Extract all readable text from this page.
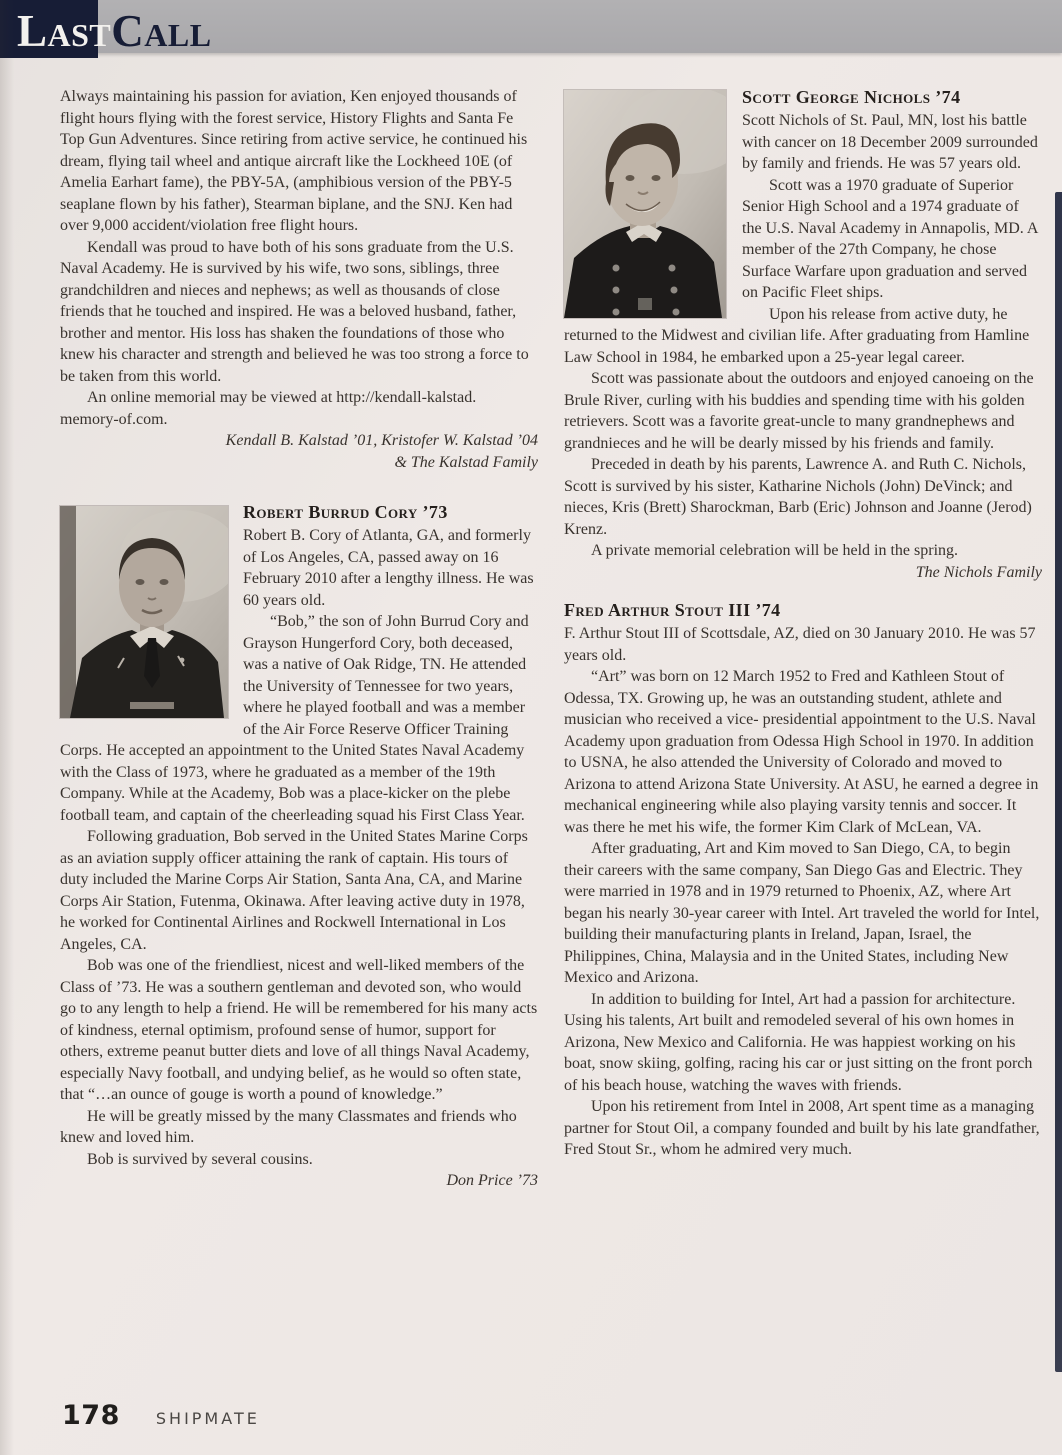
LastCall

Always maintaining his passion for aviation, Ken enjoyed thousands of flight hours flying with the forest service, History Flights and Santa Fe Top Gun Adventures. Since retiring from active service, he continued his dream, flying tail wheel and antique aircraft like the Lockheed 10E (of Amelia Earhart fame), the PBY-5A, (amphibious version of the PBY-5 seaplane flown by his father), Stearman biplane, and the SNJ. Ken had over 9,000 accident/violation free flight hours.

Kendall was proud to have both of his sons graduate from the U.S. Naval Academy. He is survived by his wife, two sons, siblings, three grandchildren and nieces and nephews; as well as thousands of close friends that he touched and inspired. He was a beloved husband, father, brother and mentor. His loss has shaken the foundations of those who knew his character and strength and believed he was too strong a force to be taken from this world.

An online memorial may be viewed at http://kendall-kalstad. memory-of.com.

Kendall B. Kalstad ’01, Kristofer W. Kalstad ’04

& The Kalstad Family

Robert Burrud Cory ’73

Robert B. Cory of Atlanta, GA, and formerly of Los Angeles, CA, passed away on 16 February 2010 after a lengthy illness. He was 60 years old.

“Bob,” the son of John Burrud Cory and Grayson Hungerford Cory, both deceased, was a native of Oak Ridge, TN. He attended the University of Tennessee for two years, where he played football and was a member of the Air Force Reserve Officer Training Corps. He accepted an appointment to the United States Naval Academy with the Class of 1973, where he graduated as a member of the 19th Company. While at the Academy, Bob was a place-kicker on the plebe football team, and captain of the cheerleading squad his First Class Year.

Following graduation, Bob served in the United States Marine Corps as an aviation supply officer attaining the rank of captain. His tours of duty included the Marine Corps Air Station, Santa Ana, CA, and Marine Corps Air Station, Futenma, Okinawa. After leaving active duty in 1978, he worked for Continental Airlines and Rockwell International in Los Angeles, CA.

Bob was one of the friendliest, nicest and well-liked members of the Class of ’73. He was a southern gentleman and devoted son, who would go to any length to help a friend. He will be remembered for his many acts of kindness, eternal optimism, profound sense of humor, support for others, extreme peanut butter diets and love of all things Naval Academy, especially Navy football, and undying belief, as he would so often state, that “…an ounce of gouge is worth a pound of knowledge.”

He will be greatly missed by the many Classmates and friends who knew and loved him.

Bob is survived by several cousins.

Don Price ’73

Scott George Nichols ’74

Scott Nichols of St. Paul, MN, lost his battle with cancer on 18 December 2009 surrounded by family and friends. He was 57 years old.

Scott was a 1970 graduate of Superior Senior High School and a 1974 graduate of the U.S. Naval Academy in Annapolis, MD. A member of the 27th Company, he chose Surface Warfare upon graduation and served on Pacific Fleet ships.

Upon his release from active duty, he returned to the Midwest and civilian life. After graduating from Hamline Law School in 1984, he embarked upon a 25-year legal career.

Scott was passionate about the outdoors and enjoyed canoeing on the Brule River, curling with his buddies and spending time with his golden retrievers. Scott was a favorite great-uncle to many grandnephews and grandnieces and he will be dearly missed by his friends and family.

Preceded in death by his parents, Lawrence A. and Ruth C. Nichols, Scott is survived by his sister, Katharine Nichols (John) DeVinck; and nieces, Kris (Brett) Sharockman, Barb (Eric) Johnson and Joanne (Jerod) Krenz.

A private memorial celebration will be held in the spring.

The Nichols Family

Fred Arthur Stout III ’74

F. Arthur Stout III of Scottsdale, AZ, died on 30 January 2010. He was 57 years old.

“Art” was born on 12 March 1952 to Fred and Kathleen Stout of Odessa, TX. Growing up, he was an outstanding student, athlete and musician who received a vice- presidential appointment to the U.S. Naval Academy upon graduation from Odessa High School in 1970. In addition to USNA, he also attended the University of Colorado and moved to Arizona to attend Arizona State University. At ASU, he earned a degree in mechanical engineering while also playing varsity tennis and soccer. It was there he met his wife, the former Kim Clark of McLean, VA.

After graduating, Art and Kim moved to San Diego, CA, to begin their careers with the same company, San Diego Gas and Electric. They were married in 1978 and in 1979 returned to Phoenix, AZ, where Art began his nearly 30-year career with Intel. Art traveled the world for Intel, building their manufacturing plants in Ireland, Japan, Israel, the Philippines, China, Malaysia and in the United States, including New Mexico and Arizona.

In addition to building for Intel, Art had a passion for architecture. Using his talents, Art built and remodeled several of his own homes in Arizona, New Mexico and California. He was happiest working on his boat, snow skiing, golfing, racing his car or just sitting on the front porch of his beach house, watching the waves with friends.

Upon his retirement from Intel in 2008, Art spent time as a managing partner for Stout Oil, a company founded and built by his late grandfather, Fred Stout Sr., whom he admired very much.

178 SHIPMATE
